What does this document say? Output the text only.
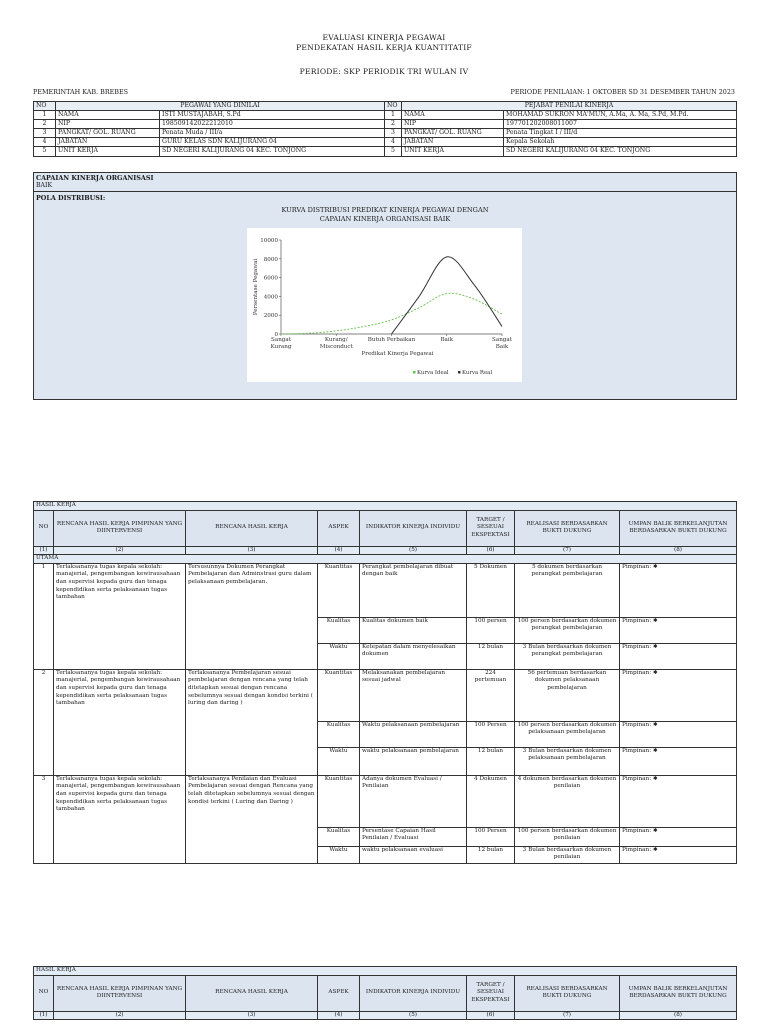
EVALUASI KINERJA PEGAWAI
PENDEKATAN HASIL KERJA KUANTITATIF
PERIODE: SKP PERIODIK TRI WULAN IV
PEMERINTAH KAB. BREBES	PERIODE PENILAIAN: 1 OKTOBER SD 31 DESEMBER TAHUN 2023
NO	PEGAWAI YANG DINILAI		NO	PEJABAT PENILAI KINERJA	
1	NAMA	ISTI MUSTAJABAH, S.Pd	1	NAMA	MOHAMAD SUKRON MA'MUN, A.Ma, A. Ma, S.Pd, M.Pd.
2	NIP	198509142022212010	2	NIP	197701202008011007
3	PANGKAT/ GOL. RUANG	Penata Muda / III/a	3	PANGKAT/ GOL. RUANG	Penata Tingkat I / III/d
4	JABATAN	GURU KELAS SDN KALIJURANG 04	4	JABATAN	Kepala Sekolah
5	UNIT KERJA	SD NEGERI KALIJURANG 04 KEC. TONJONG	5	UNIT KERJA	SD NEGERI KALIJURANG 04 KEC. TONJONG
CAPAIAN KINERJA ORGANISASI
BAIK
POLA DISTRIBUSI:
KURVA DISTRIBUSI PREDIKAT KINERJA PEGAWAI DENGAN
CAPAIAN KINERJA ORGANISASI BAIK
0
2000
4000
6000
8000
10000
Sangat Kurang
Kurang/ Misconduct
Butuh Perbaikan	Baik	Sangat Baik
Persentase Pegawai
Predikat Kinerja Pegawai
Kurva Ideal Kurva Real
HASIL KERJA							
NO	RENCANA HASIL KERJA PIMPINAN YANG DIINTERVENSI	RENCANA HASIL KERJA	ASPEK	INDIKATOR KINERJA INDIVIDU	TARGET / SESEUAI EKSPEKTASI	REALISASI BERDASARKAN BUKTI DUKUNG	UMPAN BALIK BERKELANJUTAN BERDASARKAN BUKTI DUKUNG
(1)	(2)	(3)	(4)	(5)	(6)	(7)	(8)
UTAMA							
1	Terlaksananya tugas kepala sekolah: manajerial, pengembangan kewirausahaan dan supervisi kepada guru dan tenaga kependidikan serta pelaksanaan tugas tambahan	Tersusunnya Dokumen Perangkat Pembelajaran dan Adminstrasi guru dalam pelaksanaan pembelajaran.	Kuantitas	Perangkat pembelajaran dibuat dengan baik	5 Dokumen	5 dokumen berdasarkan perangkat pembelajaran	Pimpinan: ✱
			Kualitas	Kualitas dokumen baik	100 persen	100 persen berdasarkan dokumen perangkat pembelajaran	Pimpinan: ✱
			Waktu	Ketepatan dalam menyelesaikan dokumen	12 bulan	3 Bulan berdasarkan dokumen perangkat pembelajaran	Pimpinan: ✱
2	Terlaksananya tugas kepala sekolah: manajerial, pengembangan kewirausahaan dan supervisi kepada guru dan tenaga kependidikan serta pelaksanaan tugas tambahan	Terlaksananya Pembelajaran sesuai pembelajaran dengan rencana yang telah ditetapkan sesuai dengan rencana sebelumnya sesuai dengan kondisi terkini ( luring dan daring )	Kuantitas	Melaksanakan pembelajaran sesuai jadwal	224 pertemuan	56 pertemuan berdasarkan dokumen pelaksanaan pembelajaran	Pimpinan: ✱
			Kualitas	Waktu pelaksanaan pembelajaran	100 Persen	100 persen berdasarkan dokumen pelaksanaan pembelajaran	Pimpinan: ✱
			Waktu	waktu pelaksanaan pembelajaran	12 bulan	3 Bulan berdasarkan dokumen pelaksanaan pembelajaran	Pimpinan: ✱
3	Terlaksananya tugas kepala sekolah: manajerial, pengembangan kewirausahaan dan supervisi kepada guru dan tenaga kependidikan serta pelaksanaan tugas tambahan	Terlaksananya Penilaian dan Evaluasi Pembelajaran sesuai dengan Rencana yang telah ditetapkan sebelumnya sesuai dengan kondisi terkini ( Luring dan Daring )	Kuantitas	Adanya dokumen Evaluasi / Penilaian	4 Dokumen	4 dokumen berdasarkan dokumen penilaian	Pimpinan: ✱
			Kualitas	Persentase Capaian Hasil Penilaian / Evaluasi	100 Persen	100 persen berdasarkan dokumen penilaian	Pimpinan: ✱
			Waktu	waktu pelaksanaan evaluasi	12 bulan	3 Bulan berdasarkan dokumen penilaian	Pimpinan: ✱
HASIL KERJA							
NO	RENCANA HASIL KERJA PIMPINAN YANG DIINTERVENSI	RENCANA HASIL KERJA	ASPEK	INDIKATOR KINERJA INDIVIDU	TARGET / SESEUAI EKSPEKTASI	REALISASI BERDASARKAN BUKTI DUKUNG	UMPAN BALIK BERKELANJUTAN BERDASARKAN BUKTI DUKUNG
(1)	(2)	(3)	(4)	(5)	(6)	(7)	(8)
